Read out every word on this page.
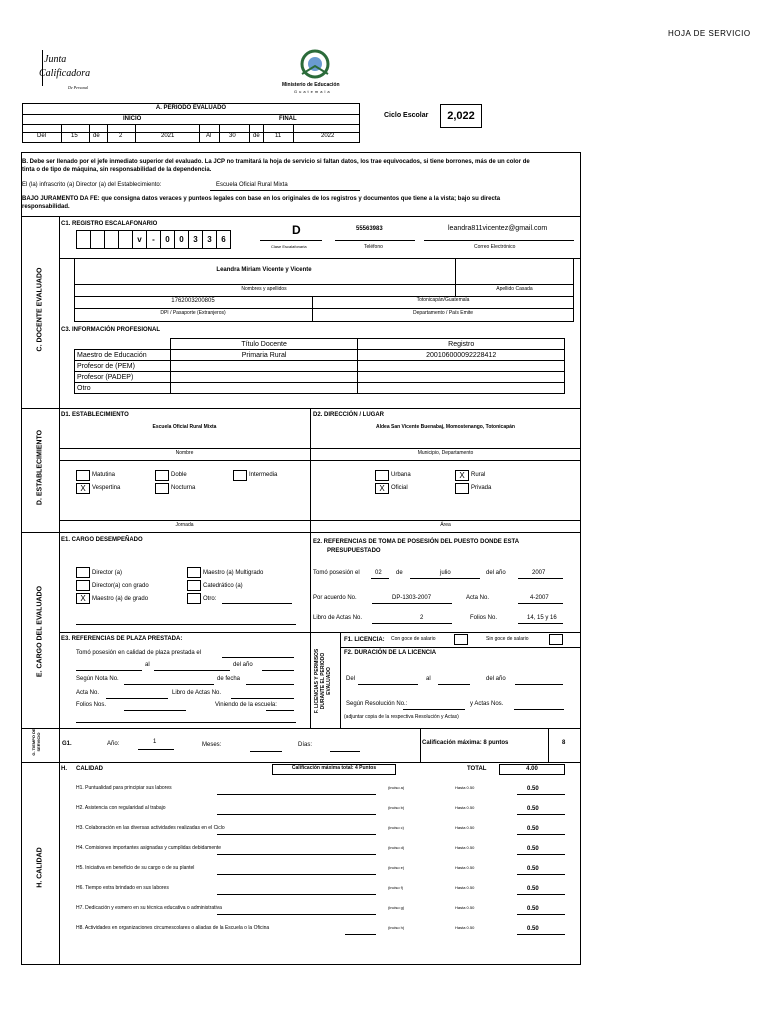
HOJA DE SERVICIO
Junta
Calificadora
De Personal	Ministerio de Educación
Guatemala
A. PERIODO EVALUADO
INICIO	FINAL
Del	15	de	2	2021	Al	30	de	11	2022
Ciclo Escolar	2,022
B. Debe ser llenado por el jefe inmediato superior del evaluado. La JCP no tramitará la hoja de servicio si faltan datos, los trae equivocados, si tiene borrones, más de un color de
tinta o de tipo de máquina, sin responsabilidad de la dependencia.
El (la) infrascrito (a) Director (a) del Establecimiento:	Escuela Oficial Rural Mixta
BAJO JURAMENTO DA FE: que consigna datos veraces y punteos legales con base en los originales de los registros y documentos que tiene a la vista; bajo su directa
responsabilidad.
C. DOCENTE EVALUADO
C1. REGISTRO ESCALAFONARIO
v	-	0	0	3	3	6
D
Clase Escalafonaria
55563983
Teléfono
leandra811vicentez@gmail.com
Correo Electrónico
Leandra Miriam Vicente y Vicente
Nombres y apellidos	Apellido Casada
1762003200805	Totonicapán/Guatemala
DPI / Pasaporte (Extranjeros)	Departamento / País Emite
C3. INFORMACIÓN PROFESIONAL
	Título Docente	Registro
Maestro de Educación	Primaria Rural	200106000092228412
Profesor de (PEM)		
Profesor (PADEP)		
Otro		
D. ESTABLECIMIENTO
D1. ESTABLECIMIENTO
Escuela Oficial Rural Mixta
D2. DIRECCIÓN / LUGAR
Aldea San Vicente Buenabaj, Momostenango, Totonicapán
Nombre	Municipio, Departamento
Matutina
X	Vespertina
Doble
Nocturna
Intermedia	Urbana
X	Oficial
X	Rural
Privada
Jornada	Área
E. CARGO DEL EVALUADO
E1. CARGO DESEMPEÑADO
Director (a)
Director(a) con grado
X	Maestro (a) de grado
Maestro (a) Multigrado
Catedrático (a)
Otro:
E2. REFERENCIAS DE TOMA DE POSESIÓN DEL PUESTO DONDE ESTA
PRESUPUESTADO
Tomó posesión el	02 de	julio	del año	2007
Por acuerdo No.	DP-1303-2007	Acta No.	4-2007
Libro de Actas No.	2	Folios No.	14, 15 y 16
E3. REFERENCIAS DE PLAZA PRESTADA:
Tomó posesión en calidad de plaza prestada el
al	del año
Según Nota No.	de fecha
Acta No.	Libro de Actas No.
Folios Nos.	Viniendo de la escuela:	F. LICENCIAS Y PERMISOS DURANTE EL PERIODO EVALUADO
F1. LICENCIA: Con goce de salario	Sin goce de salario
F2. DURACIÓN DE LA LICENCIA
Del	al	del año
Según Resolución No.:	y Actas Nos.
(adjuntar copia de la respectiva Resolución y Actas)
G. TIEMPO DE SERVICIO	G1.	Año:	1	Meses:	Días:	Calificación máxima: 8 puntos	8
H. CALIDAD
H. CALIDAD	Calificación máxima total: 4 Puntos	TOTAL	4.00
H1. Puntualidad para principiar sus labores	(inciso a)	Hasta 0.50	0.50
H2. Asistencia con regularidad al trabajo	(inciso b)	Hasta 0.50	0.50
H3. Colaboración en las diversas actividades realizadas en el Ciclo	(inciso c)	Hasta 0.50	0.50
H4. Comisiones importantes asignadas y cumplidas debidamente	(inciso d)	Hasta 0.50	0.50
H5. Iniciativa en beneficio de su cargo o de su plantel	(inciso e)	Hasta 0.50	0.50
H6. Tiempo extra brindado en sus labores	(inciso f)	Hasta 0.50	0.50
H7. Dedicación y esmero en su técnica educativa o administrativa	(inciso g)	Hasta 0.50	0.50
H8. Actividades en organizaciones circumescolares o aliadas de la Escuela o la Oficina	(inciso h)	Hasta 0.50	0.50
